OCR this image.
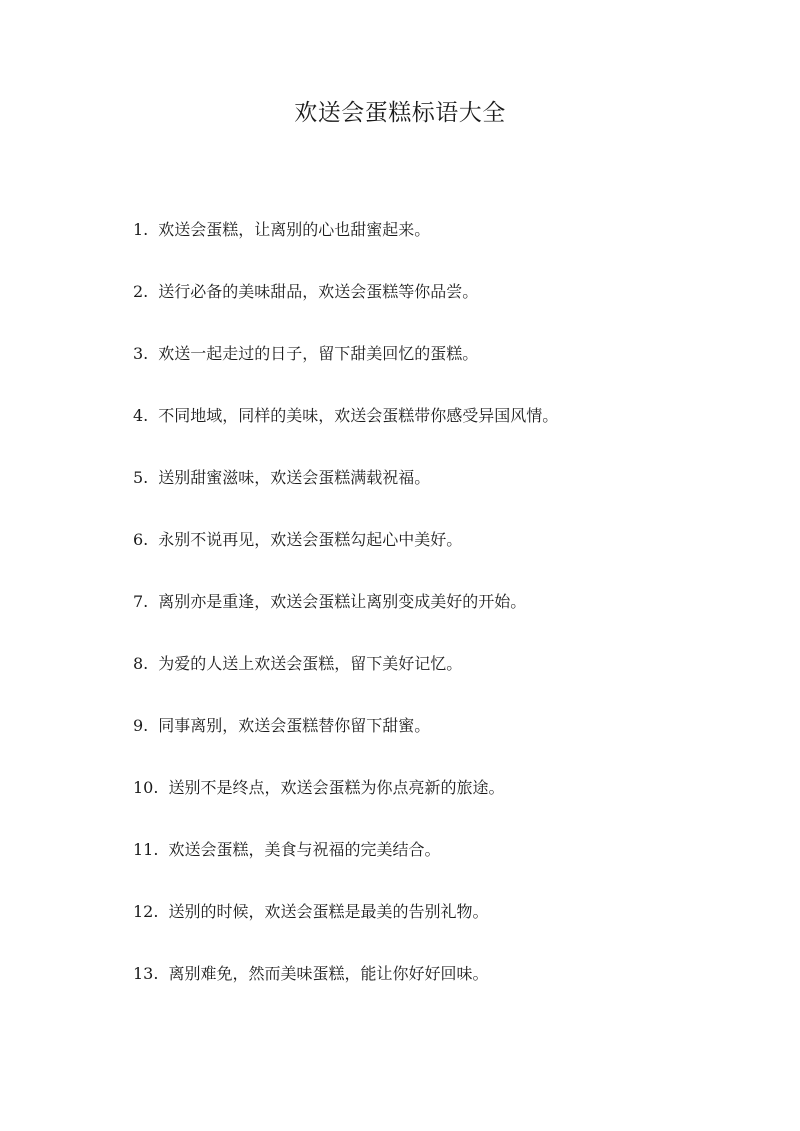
欢送会蛋糕标语大全
1. 欢送会蛋糕，让离别的心也甜蜜起来。
2. 送行必备的美味甜品，欢送会蛋糕等你品尝。
3. 欢送一起走过的日子，留下甜美回忆的蛋糕。
4. 不同地域，同样的美味，欢送会蛋糕带你感受异国风情。
5. 送别甜蜜滋味，欢送会蛋糕满载祝福。
6. 永别不说再见，欢送会蛋糕勾起心中美好。
7. 离别亦是重逢，欢送会蛋糕让离别变成美好的开始。
8. 为爱的人送上欢送会蛋糕，留下美好记忆。
9. 同事离别，欢送会蛋糕替你留下甜蜜。
10. 送别不是终点，欢送会蛋糕为你点亮新的旅途。
11. 欢送会蛋糕，美食与祝福的完美结合。
12. 送别的时候，欢送会蛋糕是最美的告别礼物。
13. 离别难免，然而美味蛋糕，能让你好好回味。
